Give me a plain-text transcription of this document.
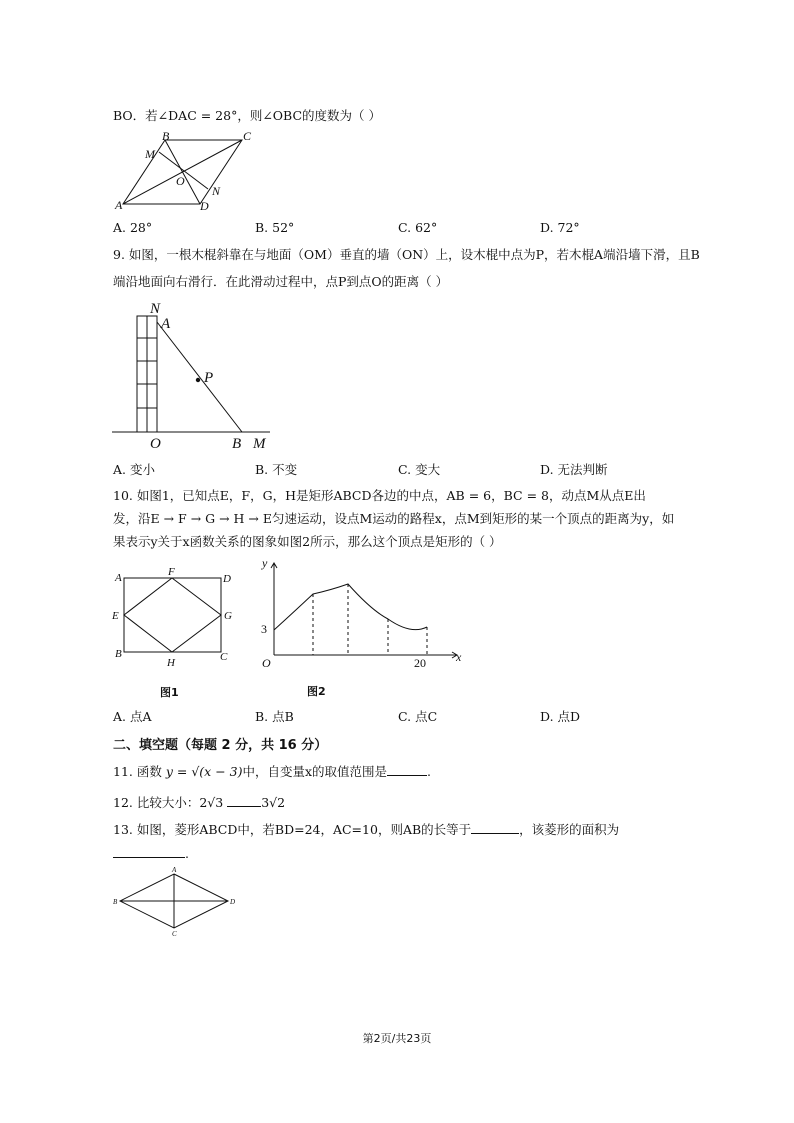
BO．若∠DAC = 28°，则∠OBC的度数为（ ）
B	C
M
O
A	D
N
A. 28°	B. 52°	C. 62°	D. 72°
9. 如图，一根木棍斜靠在与地面（OM）垂直的墙（ON）上，设木棍中点为P，若木棍A端沿墙下滑，且B
端沿地面向右滑行．在此滑动过程中，点P到点O的距离（ ）
N
A
P
O	B M
A. 变小	B. 不变	C. 变大	D. 无法判断
10. 如图1，已知点E，F，G，H是矩形ABCD各边的中点，AB = 6，BC = 8，动点M从点E出
发，沿E → F → G → H → E匀速运动，设点M运动的路程x，点M到矩形的某一个顶点的距离为y，如
果表示y关于x函数关系的图象如图2所示，那么这个顶点是矩形的（ ）
A	F
D
E	G
B
H	C
y
3
O	20	x
图1	图2
A. 点A	B. 点B	C. 点C	D. 点D
二、填空题（每题 2 分，共 16 分）
11. 函数 y = √(x − 3)中，自变量x的取值范围是	.
12. 比较大小：2√3	3√2
13. 如图，菱形ABCD中，若BD=24，AC=10，则AB的长等于	，该菱形的面积为
.
A
B	D
C
第2页/共23页
